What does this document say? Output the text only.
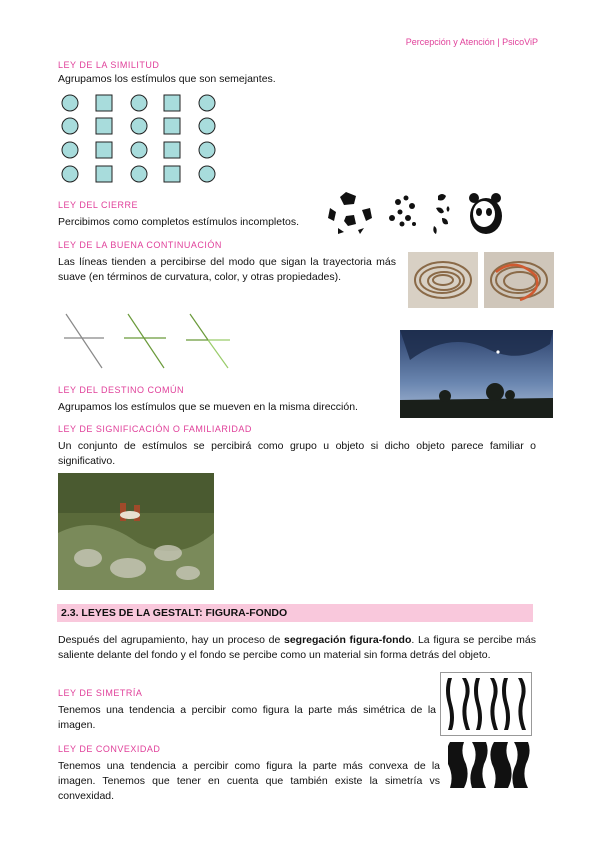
Percepción y Atención | PsicoViP
LEY DE LA SIMILITUD
Agrupamos los estímulos que son semejantes.
LEY DEL CIERRE
Percibimos como completos estímulos incompletos.
LEY DE LA BUENA CONTINUACIÓN
Las líneas tienden a percibirse del modo que sigan la trayectoria más suave (en términos de curvatura, color, y otras propiedades).
LEY DEL DESTINO COMÚN
Agrupamos los estímulos que se mueven en la misma dirección.
LEY DE SIGNIFICACIÓN O FAMILIARIDAD
Un conjunto de estímulos se percibirá como grupo u objeto si dicho objeto parece familiar o significativo.
2.3. LEYES DE LA GESTALT: FIGURA-FONDO
Después del agrupamiento, hay un proceso de segregación figura-fondo. La figura se percibe más saliente delante del fondo y el fondo se percibe como un material sin forma detrás del objeto.
LEY DE SIMETRÍA
Tenemos una tendencia a percibir como figura la parte más simétrica de la imagen.
LEY DE CONVEXIDAD
Tenemos una tendencia a percibir como figura la parte más convexa de la imagen. Tenemos que tener en cuenta que también existe la simetría vs convexidad.
